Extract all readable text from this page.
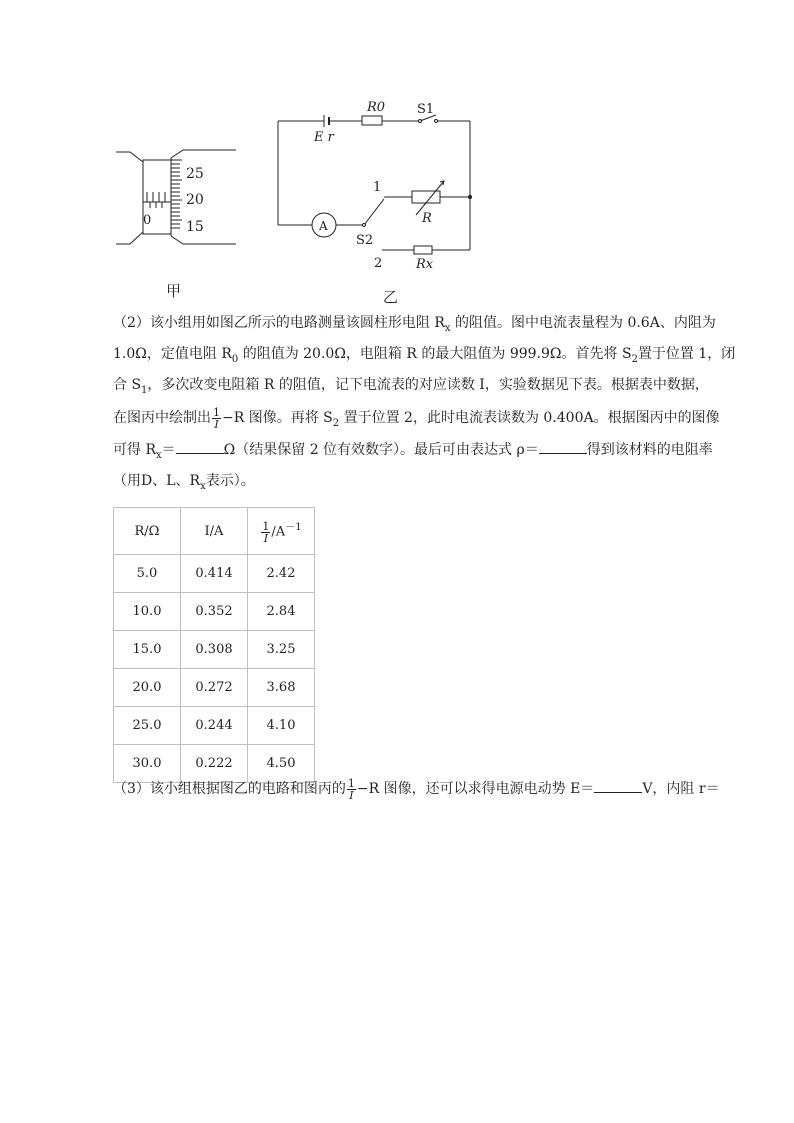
25
20
15
0
甲
E r
R0 S1
1
R
A
S2
2	Rx
乙
（2）该小组用如图乙所示的电路测量该圆柱形电阻 $R_x$ 的阻值。图中电流表量程为 0.6A、内阻为
1.0Ω，定值电阻 $R_0$ 的阻值为 20.0Ω，电阻箱 R 的最大阻值为 999.9Ω。首先将 $S_2$置于位置 1，闭
合 $S_1$，多次改变电阻箱 R 的阻值，记下电流表的对应读数 I，实验数据见下表。根据表中数据，
在图丙中绘制出 $\frac{1}{I} -R$ 图像。再将 $S_2$ 置于位置 2，此时电流表读数为 0.400A。根据图丙中的图像
可得 $R_x=$	Ω（结果保留 2 位有效数字）。最后可由表达式 ρ＝	得到该材料的电阻率
（用D、L、$R_x$表示）。
R/Ω	I/A	$\frac{1}{I} /A^{-1}$
5.0	0.414	2.42
10.0	0.352	2.84
15.0	0.308	3.25
20.0	0.272	3.68
25.0	0.244	4.10
30.0	0.222	4.50
（3）该小组根据图乙的电路和图丙的 $\frac{1}{I} -R$ 图像，还可以求得电源电动势 E＝	V，内阻 r＝
